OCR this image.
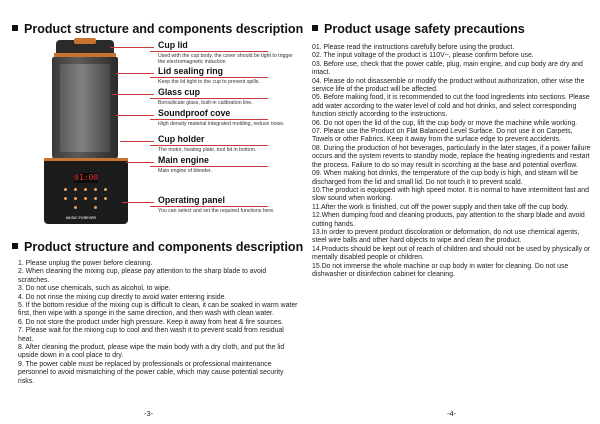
Product structure and components description
01:00
MUSIC FOREVER
Cup lid
Used with the cup body, the cover should be tight to trigger the electromagnetic induction
Lid sealing ring
Keep the lid tight to the cup to prevent spills.
Glass cup
Borosilicate glass, built-in calibration line.
Soundproof cove
High density material integrated molding, reduce noise.
Cup holder
The motor, heating plate, tool bit in bottom.
Main engine
Main engine of blender.
Operating panel
You can select and set the required functions here.
Product structure and components description
1. Please unplug the power before cleaning.
2. When cleaning the mixing cup, please pay attention to the sharp blade to avoid scratches.
3. Do not use chemicals, such as alcohol, to wipe.
4. Do not rinse the mixing cup directly to avoid water entering inside.
5. If the bottom residue of the mixing cup is difficult to clean, it can be soaked in warm water first, then wipe with a sponge in the same direction, and then wash with clean water.
6. Do not store the product under high pressure. Keep it away from heat & fire sources.
7. Please wait for the mixing cup to cool and then wash it to prevent scald from residual heat.
8. After cleaning the product, please wipe the main body with a dry cloth, and put the lid upside down in a cool place to dry.
9. The power cable must be replaced by professionals or professional maintenance personnel to avoid mismatching of the power cable, which may cause potential security risks.
-3-
Product usage safety precautions
01. Please read the instructions carefully before using the product.
02. The input voltage of the product is 110V~, please confirm before use.
03. Before use, check that the power cable, plug, main engine, and cup body are dry and intact.
04. Please do not disassemble or modify the product without authorization, other wise the service life of the product will be affected.
05. Before making food, it is recommended to cut the food ingredients into sections. Please add water according to the water level of cold and hot drinks, and select corresponding function strictly according to the instructions.
06. Do not open the lid of the cup, lift the cup body or move the machine while working.
07. Please use the Product on Flat Balanced Level Surface. Do not use it on Carpets, Towels or other Fabrics. Keep it away from the surface edge to prevent accidents.
08. During the production of hot beverages, particularly in the later stages, if a power failure occurs and the system reverts to standby mode, replace the heating ingredients and restart the process. Failure to do so may result in scorching at the base and potential overflow.
09. When making hot drinks, the temperature of the cup body is high, and steam will be discharged from the lid and small lid. Do not touch it to prevent scald.
10.The product is equipped with high speed motor. It is normal to have intermittent fast and slow sound when working.
11.After the work is finished, cut off the power supply and then take off the cup body.
12.When dumping food and cleaning products, pay attention to the sharp blade and avoid cutting hands.
13.In order to prevent product discoloration or deformation, do not use chemical agents, steel wire balls and other hard objects to wipe and clean the product.
14.Products should be kept out of reach of children and should not be used by physically or mentally disabled people or children.
15.Do not immerse the whole machine or cup body in water for cleaning. Do not use dishwasher or disinfection cabinet for cleaning.
-4-
